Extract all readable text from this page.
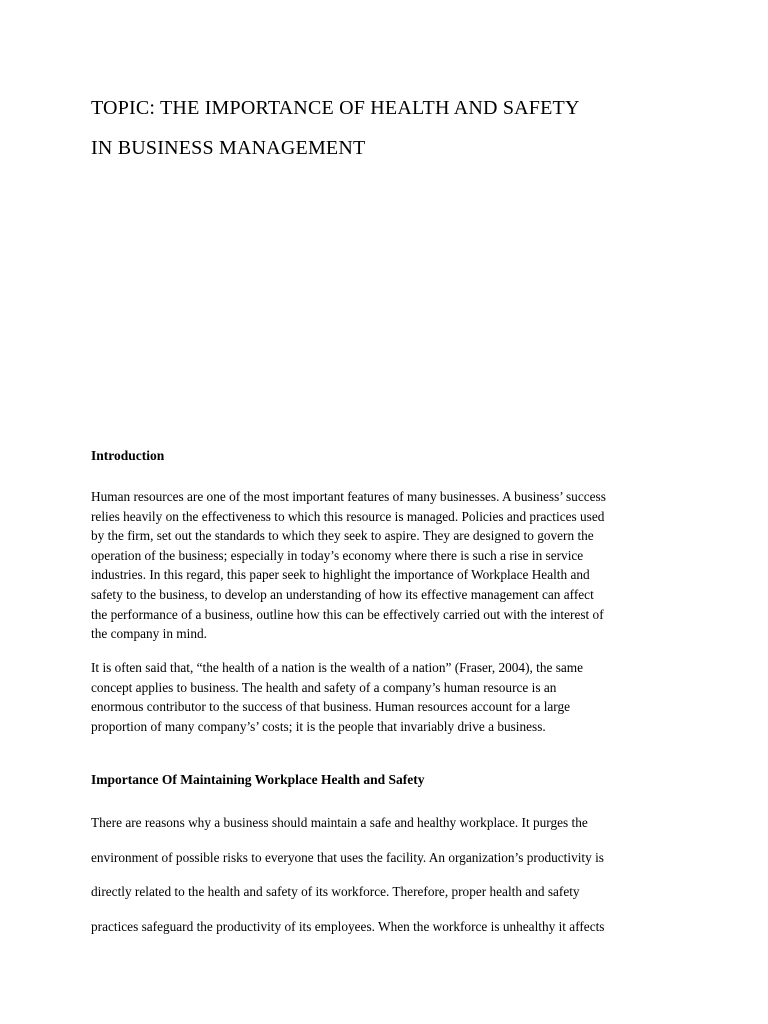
TOPIC: THE IMPORTANCE OF HEALTH AND SAFETY
IN BUSINESS MANAGEMENT
Introduction

Human resources are one of the most important features of many businesses. A business’ success
relies heavily on the effectiveness to which this resource is managed. Policies and practices used
by the firm, set out the standards to which they seek to aspire. They are designed to govern the
operation of the business; especially in today’s economy where there is such a rise in service
industries. In this regard, this paper seek to highlight the importance of Workplace Health and
safety to the business, to develop an understanding of how its effective management can affect
the performance of a business, outline how this can be effectively carried out with the interest of
the company in mind.

It is often said that, “the health of a nation is the wealth of a nation” (Fraser, 2004), the same
concept applies to business. The health and safety of a company’s human resource is an
enormous contributor to the success of that business. Human resources account for a large
proportion of many company’s’ costs; it is the people that invariably drive a business.

Importance Of Maintaining Workplace Health and Safety

There are reasons why a business should maintain a safe and healthy workplace. It purges the
environment of possible risks to everyone that uses the facility. An organization’s productivity is
directly related to the health and safety of its workforce. Therefore, proper health and safety
practices safeguard the productivity of its employees. When the workforce is unhealthy it affects
